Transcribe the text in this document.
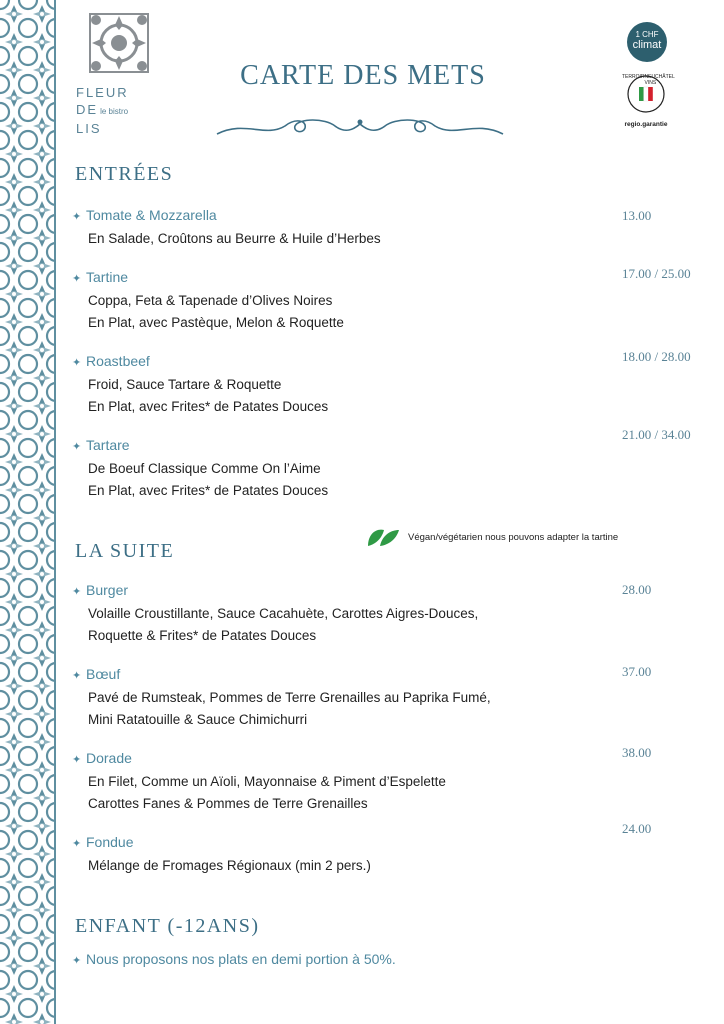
FLEUR
DE le bistro
LIS
CARTE DES METS
1 CHF
climat
TERROIR NEUCHÂTEL VINS
regio.garantie
ENTRÉES
✦ Tomate & Mozzarella
En Salade, Croûtons au Beurre & Huile d’Herbes
13.00
✦ Tartine
Coppa, Feta & Tapenade d’Olives Noires
En Plat, avec Pastèque, Melon & Roquette
17.00 / 25.00
✦ Roastbeef
Froid, Sauce Tartare & Roquette
En Plat, avec Frites* de Patates Douces
18.00 / 28.00
✦ Tartare
De Boeuf Classique Comme On l’Aime
En Plat, avec Frites* de Patates Douces
21.00 / 34.00
LA SUITE
Végan/végétarien nous pouvons adapter la tartine
✦ Burger
Volaille Croustillante, Sauce Cacahuète, Carottes Aigres-Douces,
Roquette & Frites* de Patates Douces
28.00
✦ Bœuf
Pavé de Rumsteak, Pommes de Terre Grenailles au Paprika Fumé,
Mini Ratatouille & Sauce Chimichurri
37.00
✦ Dorade
En Filet, Comme un Aïoli, Mayonnaise & Piment d’Espelette
Carottes Fanes & Pommes de Terre Grenailles
38.00
✦ Fondue
Mélange de Fromages Régionaux (min 2 pers.)
24.00
ENFANT (-12ANS)
✦ Nous proposons nos plats en demi portion à 50%.
